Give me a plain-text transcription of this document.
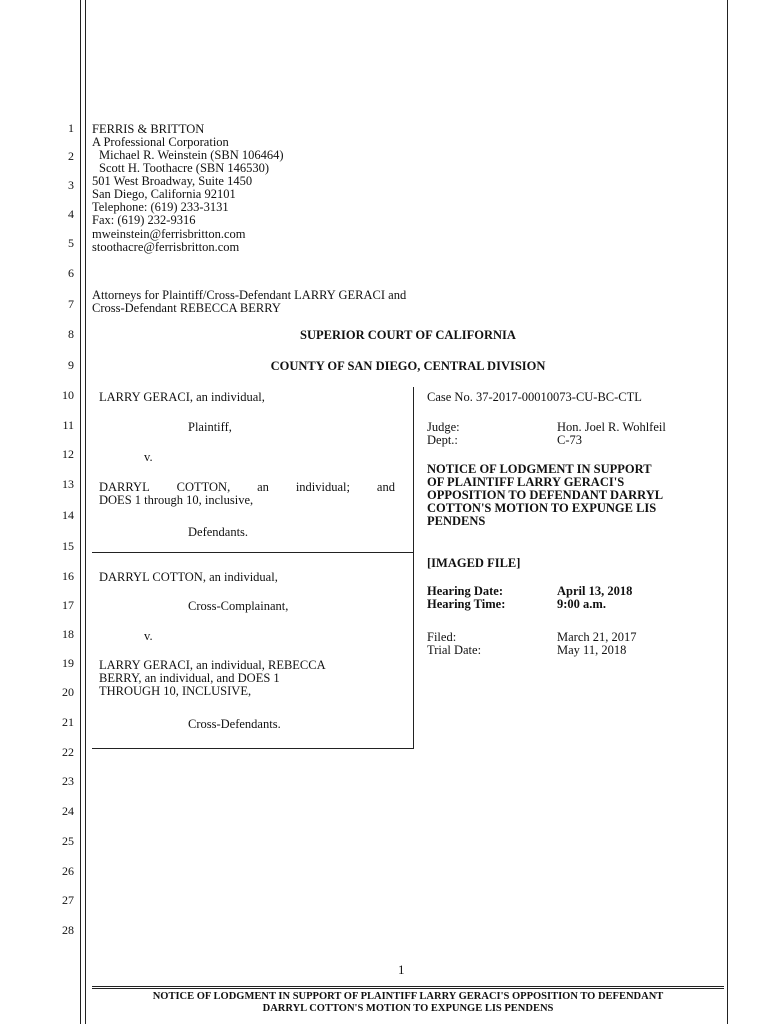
1
2
3
4
5
6
7
8
9
10
11
12
13
14
15
16
17
18
19
20
21
22
23
24
25
26
27
28
FERRIS & BRITTON
A Professional Corporation
Michael R. Weinstein (SBN 106464)
Scott H. Toothacre (SBN 146530)
501 West Broadway, Suite 1450
San Diego, California 92101
Telephone: (619) 233-3131
Fax: (619) 232-9316
mweinstein@ferrisbritton.com
stoothacre@ferrisbritton.com
Attorneys for Plaintiff/Cross-Defendant LARRY GERACI and
Cross-Defendant REBECCA BERRY
SUPERIOR COURT OF CALIFORNIA
COUNTY OF SAN DIEGO, CENTRAL DIVISION
LARRY GERACI, an individual,
Plaintiff,
v.
DARRYL COTTON, an individual; and
DOES 1 through 10, inclusive,
Defendants.
DARRYL COTTON, an individual,
Cross-Complainant,
v.
LARRY GERACI, an individual, REBECCA
BERRY, an individual, and DOES 1
THROUGH 10, INCLUSIVE,
Cross-Defendants.
Case No. 37-2017-00010073-CU-BC-CTL
Judge:	Hon. Joel R. Wohlfeil
Dept.:	C-73
NOTICE OF LODGMENT IN SUPPORT
OF PLAINTIFF LARRY GERACI'S
OPPOSITION TO DEFENDANT DARRYL
COTTON'S MOTION TO EXPUNGE LIS
PENDENS
[IMAGED FILE]
Hearing Date:	April 13, 2018
Hearing Time:	9:00 a.m.
Filed:	March 21, 2017
Trial Date:	May 11, 2018
1
NOTICE OF LODGMENT IN SUPPORT OF PLAINTIFF LARRY GERACI'S OPPOSITION TO DEFENDANT
DARRYL COTTON'S MOTION TO EXPUNGE LIS PENDENS
